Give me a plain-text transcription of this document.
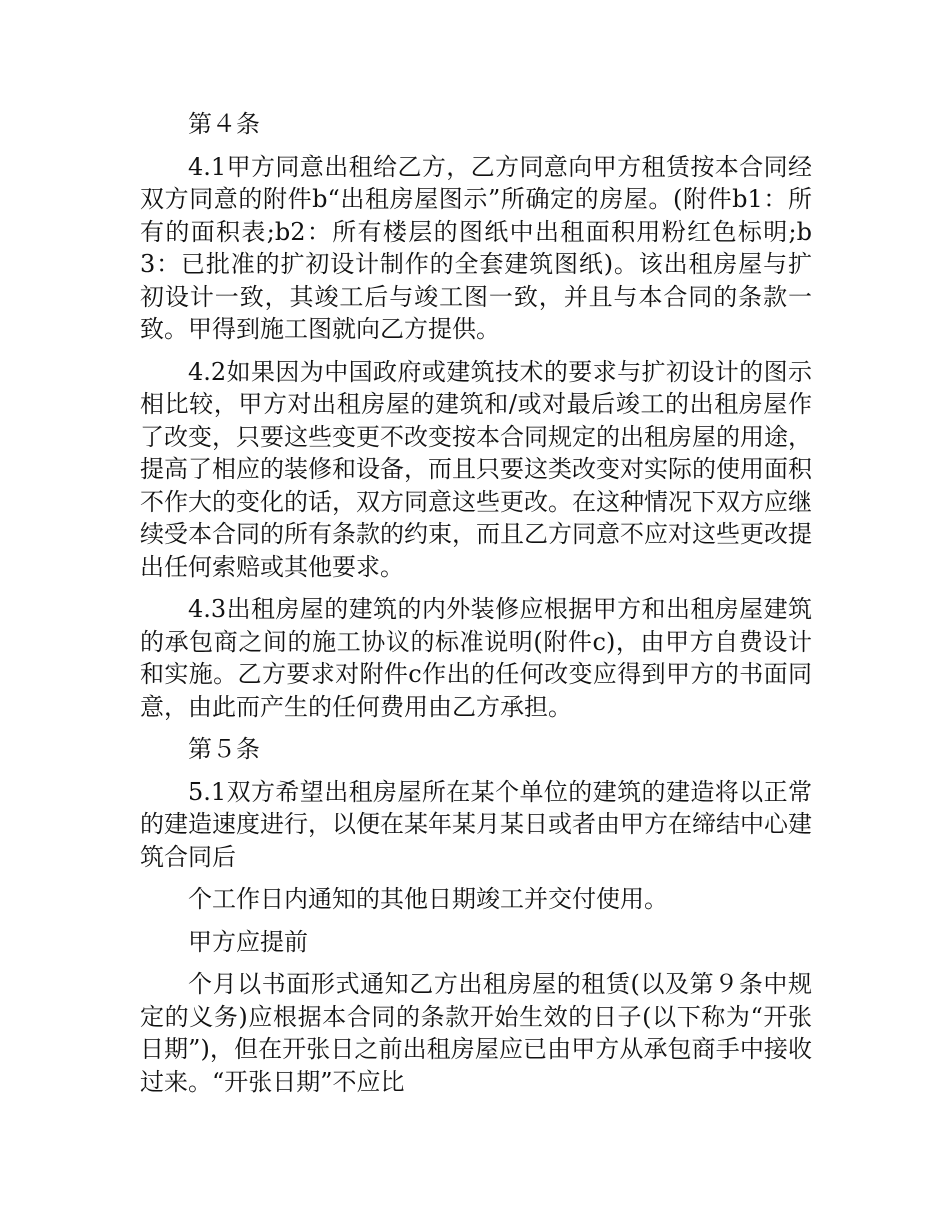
第４条

4.1甲方同意出租给乙方，乙方同意向甲方租赁按本合同经双方同意的附件b“出租房屋图示”所确定的房屋。(附件b1：所有的面积表;b2：所有楼层的图纸中出租面积用粉红色标明;b3：已批准的扩初设计制作的全套建筑图纸)。该出租房屋与扩初设计一致，其竣工后与竣工图一致，并且与本合同的条款一致。甲得到施工图就向乙方提供。

4.2如果因为中国政府或建筑技术的要求与扩初设计的图示相比较，甲方对出租房屋的建筑和/或对最后竣工的出租房屋作了改变，只要这些变更不改变按本合同规定的出租房屋的用途，提高了相应的装修和设备，而且只要这类改变对实际的使用面积不作大的变化的话，双方同意这些更改。在这种情况下双方应继续受本合同的所有条款的约束，而且乙方同意不应对这些更改提出任何索赔或其他要求。

4.3出租房屋的建筑的内外装修应根据甲方和出租房屋建筑的承包商之间的施工协议的标准说明(附件c)，由甲方自费设计和实施。乙方要求对附件c作出的任何改变应得到甲方的书面同意，由此而产生的任何费用由乙方承担。

第５条

5.1双方希望出租房屋所在某个单位的建筑的建造将以正常的建造速度进行，以便在某年某月某日或者由甲方在缔结中心建筑合同后

个工作日内通知的其他日期竣工并交付使用。

甲方应提前

个月以书面形式通知乙方出租房屋的租赁(以及第９条中规定的义务)应根据本合同的条款开始生效的日子(以下称为“开张日期”)，但在开张日之前出租房屋应已由甲方从承包商手中接收过来。“开张日期”不应比
